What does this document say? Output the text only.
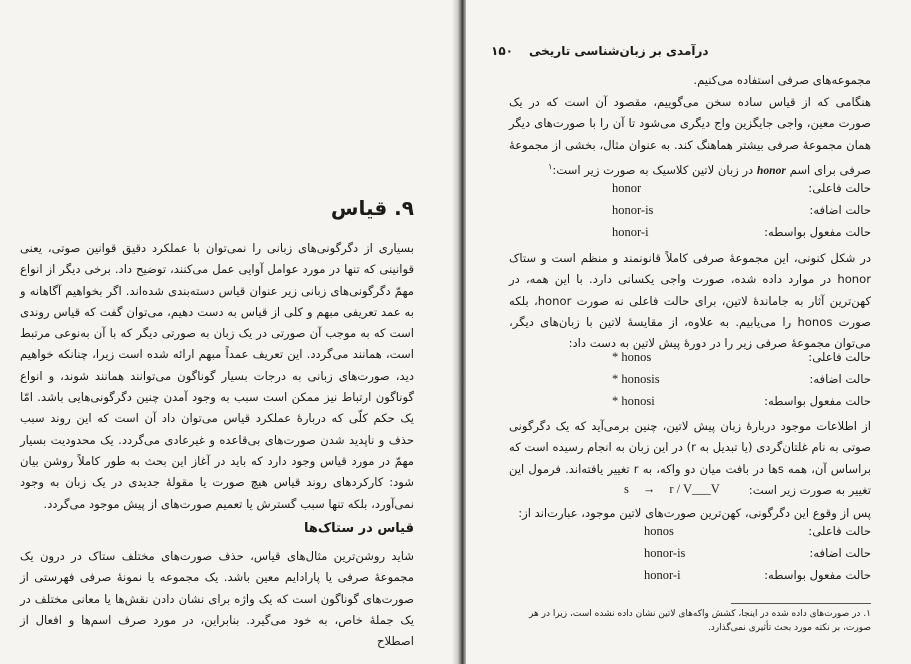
۹. قیاس
بسیاری از دگرگونی‌های زبانی را نمی‌توان با عملکرد دقیق قوانین صوتی، یعنی قوانینی که تنها در مورد عوامل آوایی عمل می‌کنند، توضیح داد. برخی دیگر از انواع مهمّ دگرگونی‌های زبانی زیر عنوان قیاس دسته‌بندی شده‌اند. اگر بخواهیم آگاهانه و به عمد تعریفی مبهم و کلی از قیاس به دست دهیم، می‌توان گفت که قیاس روندی است که به موجب آن صورتی در یک زبان به صورتی دیگر که با آن به‌نوعی مرتبط است، همانند می‌گردد. این تعریف عمداً مبهم ارائه شده است زیرا، چنانکه خواهیم دید، صورت‌های زبانی به درجات بسیار گوناگون می‌توانند همانند شوند، و انواع گوناگون ارتباط نیز ممکن است سبب به وجود آمدن چنین دگرگونی‌هایی باشد. امّا یک حکم کلّی که دربارهٔ عملکرد قیاس می‌توان داد آن است که این روند سبب حذف و ناپدید شدن صورت‌های بی‌قاعده و غیرعادی می‌گردد. یک محدودیت بسیار مهمّ در مورد قیاس وجود دارد که باید در آغاز این بحث به طور کاملاً روشن بیان شود: کارکردهای روند قیاس هیچ صورت یا مقولهٔ جدیدی در یک زبان به وجود نمی‌آورد، بلکه تنها سبب گسترش یا تعمیم صورت‌های از پیش موجود می‌گردد.
قیاس در ستاک‌ها
شاید روشن‌ترین مثال‌های قیاس، حذف صورت‌های مختلف ستاک در درون یک مجموعهٔ صرفی یا پارادایم معین باشد. یک مجموعه یا نمونهٔ صرفی فهرستی از صورت‌های گوناگون است که یک واژه برای نشان دادن نقش‌ها یا معانی مختلف در یک جملهٔ خاص، به خود می‌گیرد. بنابراین، در مورد صرف اسم‌ها و افعال از اصطلاح
۱۵۰ درآمدی بر زبان‌شناسی تاریخی
مجموعه‌های صرفی استفاده می‌کنیم.
هنگامی که از قیاس ساده سخن می‌گوییم، مقصود آن است که در یک صورت معین، واجی جایگزین واج دیگری می‌شود تا آن را با صورت‌های دیگر همان مجموعهٔ صرفی بیشتر هماهنگ کند. به عنوان مثال، بخشی از مجموعهٔ صرفی برای اسم honor در زبان لاتین کلاسیک به صورت زیر است:$^۱$
حالت فاعلی:
honor
حالت اضافه:
honor-is
حالت مفعول بواسطه:
honor-i
در شکل کنونی، این مجموعهٔ صرفی کاملاً قانونمند و منظم است و ستاک honor در موارد داده شده، صورت واجی یکسانی دارد. با این همه، در کهن‌ترین آثار به جامانده‌ٔ لاتین، برای حالت فاعلی نه صورت honor، بلکه صورت honos را می‌یابیم. به علاوه، از مقایسهٔ لاتین با زبان‌های دیگر، می‌توان مجموعهٔ صرفی زیر را در دورهٔ پیش لاتین به دست داد:
حالت فاعلی:
* honos
حالت اضافه:
* honosis
حالت مفعول بواسطه:
* honosi
از اطلاعات موجود دربارهٔ زبان پیش لاتین، چنین برمی‌آید که یک دگرگونی صوتی به نام غلتان‌گردی (یا تبدیل به r) در این زبان به انجام رسیده است که براساس آن، همه s‌ها در بافت میان دو واکه، به r تغییر یافته‌اند. فرمول این تغییر به صورت زیر است:
s → r / V___V
پس از وقوع این دگرگونی، کهن‌ترین صورت‌های لاتین موجود، عبارت‌اند از:
حالت فاعلی:
honos
حالت اضافه:
honor-is
حالت مفعول بواسطه:
honor-i
۱. در صورت‌های داده شده در اینجا، کشش واکه‌های لاتین نشان داده نشده است، زیرا در هر صورت، بر نکته مورد بحث تأثیری نمی‌گذارد.
